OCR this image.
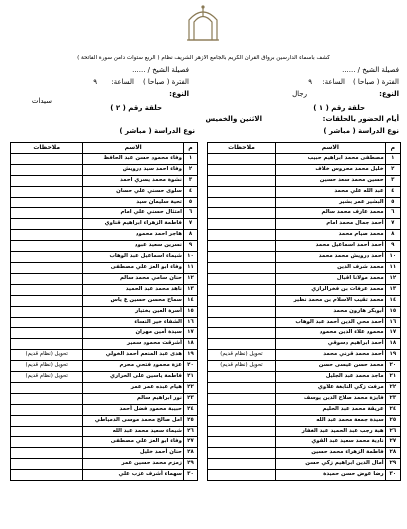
كشف بأسماء الدارسين برواق القرآن الكريم بالجامع الأزهر الشريف نظام ( الربع ستوات دامن سورة الفاتحة )
فصيلة الشيخ / ......
الفترة ( صباحا )
الساعة:
٩
النوع:
رجال
حلقة رقم ( ١ )
أيام الحضور بالحلقات:
الاثنين والخميس
نوع الدراسة ( مباشر )
فصيلة الشيخ / ......
الفترة ( صباحا )
الساعة:
٩
النوع:
سيدات
حلقة رقم ( ٢ )
نوع الدراسة ( مباشر )
م	الاسم	ملاحظات
١	مصطفى محمد ابراهيم حبيب	
٢	خليل محمد محروس خلاف	
٣	حسين محمد سعد حسين	
٤	عبد الله علي محمد	
٥	البشير عمر بشير	
٦	محمد عارف محمد سالم	
٧	أحمد جمال محمد امام	
٨	محمد صيام محمد	
٩	أحمد أحمد اسماعيل محمد	
١٠	أحمد درويش محمد محمد	
١١	محمد شرف الدين	
١٢	محمد مولانا اقبال	
١٣	محمد عرفات بن فخرالرازي	
١٤	محمد تقيب الاسلام بن محمد نظير	
١٥	أبوبكر هارون محمد	
١٦	أحمد محي الدين أحمد عبد الوهاب	
١٧	محمود علاء الدين محمود	
١٨	أحمد ابراهيم دسوقي	
١٩	أحمد محمد قرني محمد	تحويل (نظام قديم)
٢٠	محمد حسن عيسى حسن	تحويل (نظام قديم)
٢١	ماجد محمد عبد الجليل	
٢٢	مرفت زكي النابغة علاوي	
٢٣	فايزة محمد صلاح الدين يوسف	
٢٤	عريقة محمد عبد الحليم	
٢٥	سيدة جمعة محمد عبد الله	
٢٦	هبة رجب عبد الحميد عبد الغفار	
٢٧	نادية محمد سعيد عبد القوي	
٢٨	فاطمة الزهراء محمد حسين	
٢٩	أمال الدين ابراهيم زكي حسن	
٣٠	رضا عوض حسن حميدة	
م	الاسم	ملاحظات
١	وفاء محمود حسن عبد الحافظ	
٢	وفاء احمد سيد درويش	
٣	نشوة محمد يسري احمد	
٤	سلوى حسني علي حسان	
٥	تحية سليمان سيد	
٦	امتثال حسني علي امام	
٧	فاطمة الزهراء ابراهيم قناوي	
٨	هاجر احمد محمود	
٩	نسرين سعيد عبود	
١٠	شيماء اسماعيل عبد الوهاب	
١١	وفاء ابو العز علي مصطفى	
١٢	حنان سامي محمد سالم	
١٣	ناهد محمد عبد الحميد	
١٤	سماح محسن حسين ع ياس	
١٥	أسرة العين بختيار	
١٦	الشفاء خير النساء	
١٧	سيدة أمين مهران	
١٨	أشرقت محمود سمير	
١٩	هدى عبد المنعم أحمد الخولي	تحويل (نظام قديم)
٢٠	عزة محمود فتحي محرم	تحويل (نظام قديم)
٢١	فاطمة ياسين على الحراري	تحويل (نظام قديم)
٢٢	هيام عبده عمر عمر	
٢٣	نور ابراهيم سالم	
٢٤	حبيبة محمود فضل أحمد	
٢٥	امل صالح محمد موسى الدمياطي	
٢٦	شيماء سعيد محمد عبد الله	
٢٧	وفاء ابو العز علي مصطفى	
٢٨	حنان أحمد خليل	
٢٩	زمزم محمد حسين عمر	
٣٠	سهماء أشرف عزب علي	
